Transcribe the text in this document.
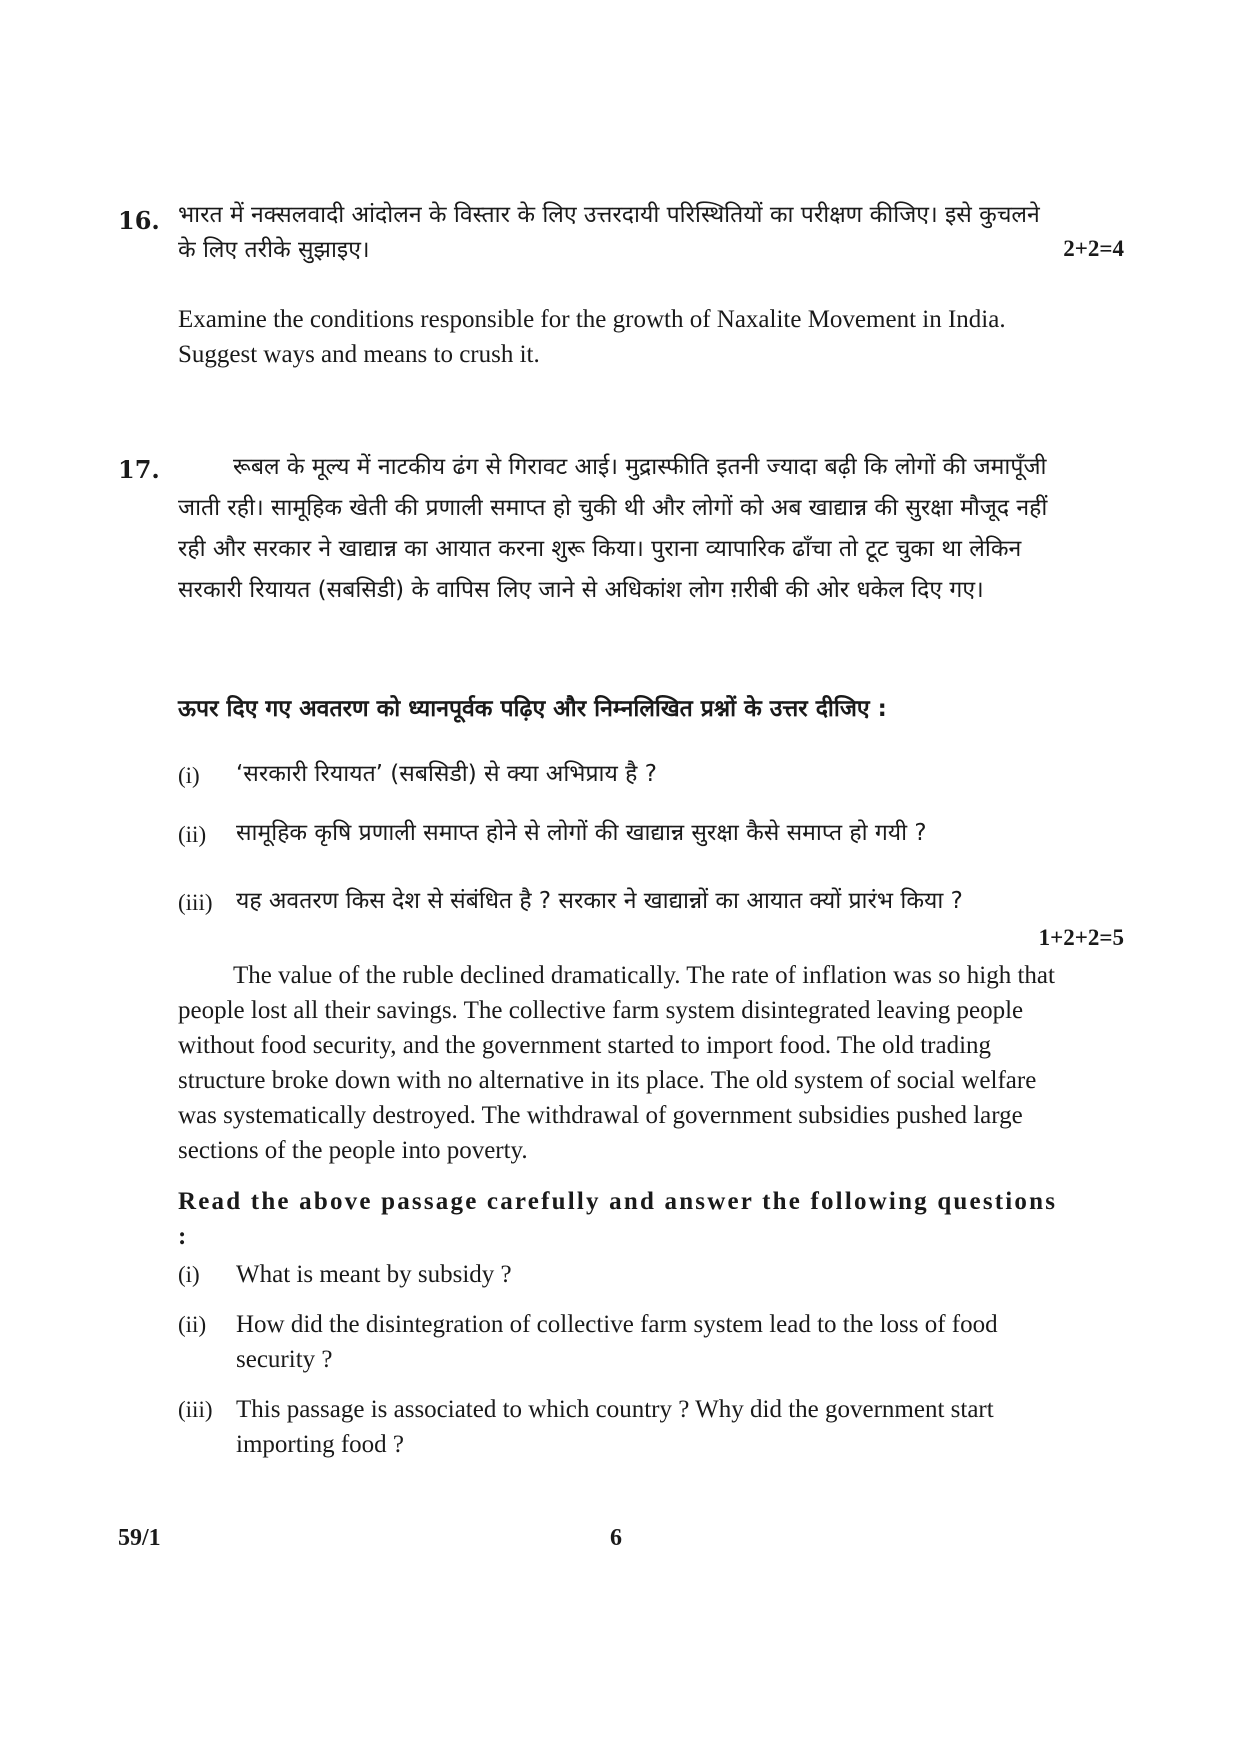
16. भारत में नक्सलवादी आंदोलन के विस्तार के लिए उत्तरदायी परिस्थितियों का परीक्षण कीजिए। इसे कुचलने के लिए तरीके सुझाइए।	2+2=4
Examine the conditions responsible for the growth of Naxalite Movement in India. Suggest ways and means to crush it.
17.	रूबल के मूल्य में नाटकीय ढंग से गिरावट आई। मुद्रास्फीति इतनी ज्यादा बढ़ी कि लोगों की जमापूँजी जाती रही। सामूहिक खेती की प्रणाली समाप्त हो चुकी थी और लोगों को अब खाद्यान्न की सुरक्षा मौजूद नहीं रही और सरकार ने खाद्यान्न का आयात करना शुरू किया। पुराना व्यापारिक ढाँचा तो टूट चुका था लेकिन सरकारी रियायत (सबसिडी) के वापिस लिए जाने से अधिकांश लोग ग़रीबी की ओर धकेल दिए गए।
ऊपर दिए गए अवतरण को ध्यानपूर्वक पढ़िए और निम्नलिखित प्रश्नों के उत्तर दीजिए :
(i) ‘सरकारी रियायत’ (सबसिडी) से क्या अभिप्राय है ?
(ii) सामूहिक कृषि प्रणाली समाप्त होने से लोगों की खाद्यान्न सुरक्षा कैसे समाप्त हो गयी ?
(iii) यह अवतरण किस देश से संबंधित है ? सरकार ने खाद्यान्नों का आयात क्यों प्रारंभ किया ?
1+2+2=5
The value of the ruble declined dramatically. The rate of inflation was so high that people lost all their savings. The collective farm system disintegrated leaving people without food security, and the government started to import food. The old trading structure broke down with no alternative in its place. The old system of social welfare was systematically destroyed. The withdrawal of government subsidies pushed large sections of the people into poverty.
Read the above passage carefully and answer the following questions :
(i) What is meant by subsidy ?
(ii) How did the disintegration of collective farm system lead to the loss of food security ?
(iii) This passage is associated to which country ? Why did the government start importing food ?
59/1	6
